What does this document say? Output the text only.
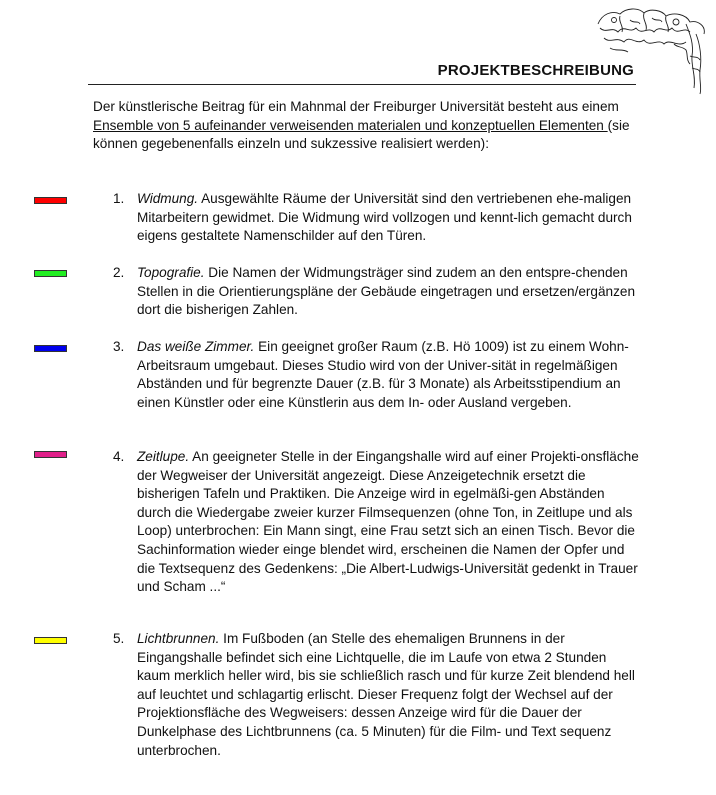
PROJEKTBESCHREIBUNG
Der künstlerische Beitrag für ein Mahnmal der Freiburger Universität besteht aus einem Ensemble von 5 aufeinander verweisenden materialen und konzeptuellen Elementen (sie können gegebenenfalls einzeln und sukzessive realisiert werden):
1. Widmung. Ausgewählte Räume der Universität sind den vertriebenen ehe-maligen Mitarbeitern gewidmet. Die Widmung wird vollzogen und kennt-lich gemacht durch eigens gestaltete Namenschilder auf den Türen.
2. Topografie. Die Namen der Widmungsträger sind zudem an den entspre-chenden Stellen in die Orientierungspläne der Gebäude eingetragen und ersetzen/ergänzen dort die bisherigen Zahlen.
3. Das weiße Zimmer. Ein geeignet großer Raum (z.B. Hö 1009) ist zu einem Wohn-Arbeitsraum umgebaut. Dieses Studio wird von der Univer-sität in regelmäßigen Abständen und für begrenzte Dauer (z.B. für 3 Monate) als Arbeitsstipendium an einen Künstler oder eine Künstlerin aus dem In- oder Ausland vergeben.
4. Zeitlupe. An geeigneter Stelle in der Eingangshalle wird auf einer Projekti-onsfläche der Wegweiser der Universität angezeigt. Diese Anzeigetechnik ersetzt die bisherigen Tafeln und Praktiken. Die Anzeige wird in egelmäßi-gen Abständen durch die Wiedergabe zweier kurzer Filmsequenzen (ohne Ton, in Zeitlupe und als Loop) unterbrochen: Ein Mann singt, eine Frau setzt sich an einen Tisch. Bevor die Sachinformation wieder einge blendet wird, erscheinen die Namen der Opfer und die Textsequenz des Gedenkens: „Die Albert-Ludwigs-Universität gedenkt in Trauer und Scham ...“
5. Lichtbrunnen. Im Fußboden (an Stelle des ehemaligen Brunnens in der Eingangshalle befindet sich eine Lichtquelle, die im Laufe von etwa 2 Stunden kaum merklich heller wird, bis sie schließlich rasch und für kurze Zeit blendend hell auf leuchtet und schlagartig erlischt. Dieser Frequenz folgt der Wechsel auf der Projektionsfläche des Wegweisers: dessen Anzeige wird für die Dauer der Dunkelphase des Lichtbrunnens (ca. 5 Minuten) für die Film- und Text sequenz unterbrochen.
